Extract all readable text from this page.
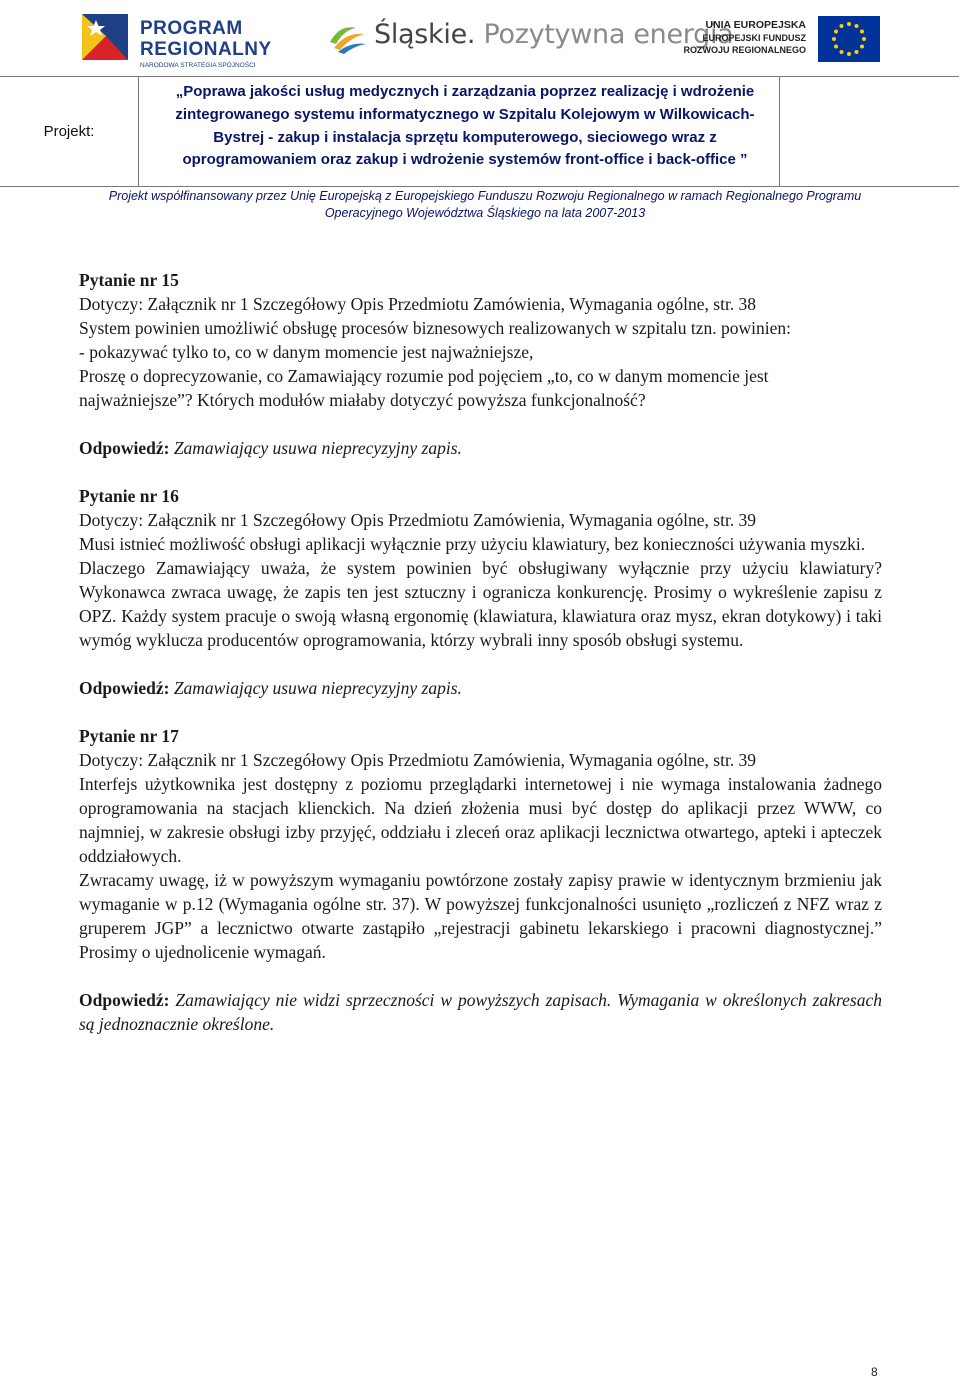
PROGRAM
REGIONALNY
NARODOWA STRATEGIA SPÓJNOŚCI
Śląskie. Pozytywna energia
UNIA EUROPEJSKA
EUROPEJSKI FUNDUSZ
ROZWOJU REGIONALNEGO
Projekt:

„Poprawa jakości usług medycznych i zarządzania poprzez realizację i wdrożenie zintegrowanego systemu informatycznego w Szpitalu Kolejowym w Wilkowicach-Bystrej - zakup i instalacja sprzętu komputerowego, sieciowego wraz z oprogramowaniem oraz zakup i wdrożenie systemów front-office i back-office ”

Projekt współfinansowany przez Unię Europejską z Europejskiego Funduszu Rozwoju Regionalnego w ramach Regionalnego Programu Operacyjnego Województwa Śląskiego na lata 2007-2013

Pytanie nr 15

Dotyczy: Załącznik nr 1 Szczegółowy Opis Przedmiotu Zamówienia, Wymagania ogólne, str. 38

System powinien umożliwić obsługę procesów biznesowych realizowanych w szpitalu tzn. powinien:

- pokazywać tylko to, co w danym momencie jest najważniejsze,

Proszę o doprecyzowanie, co Zamawiający rozumie pod pojęciem „to, co w danym momencie jest najważniejsze”? Których modułów miałaby dotyczyć powyższa funkcjonalność?

Odpowiedź: Zamawiający usuwa nieprecyzyjny zapis.

Pytanie nr 16

Dotyczy: Załącznik nr 1 Szczegółowy Opis Przedmiotu Zamówienia, Wymagania ogólne, str. 39

Musi istnieć możliwość obsługi aplikacji wyłącznie przy użyciu klawiatury, bez konieczności używania myszki.

Dlaczego Zamawiający uważa, że system powinien być obsługiwany wyłącznie przy użyciu klawiatury? Wykonawca zwraca uwagę, że zapis ten jest sztuczny i ogranicza konkurencję. Prosimy o wykreślenie zapisu z OPZ. Każdy system pracuje o swoją własną ergonomię (klawiatura, klawiatura oraz mysz, ekran dotykowy) i taki wymóg wyklucza producentów oprogramowania, którzy wybrali inny sposób obsługi systemu.

Odpowiedź: Zamawiający usuwa nieprecyzyjny zapis.

Pytanie nr 17

Dotyczy: Załącznik nr 1 Szczegółowy Opis Przedmiotu Zamówienia, Wymagania ogólne, str. 39

Interfejs użytkownika jest dostępny z poziomu przeglądarki internetowej i nie wymaga instalowania żadnego oprogramowania na stacjach klienckich. Na dzień złożenia musi być dostęp do aplikacji przez WWW, co najmniej, w zakresie obsługi izby przyjęć, oddziału i zleceń oraz aplikacji lecznictwa otwartego, apteki i apteczek oddziałowych.

Zwracamy uwagę, iż w powyższym wymaganiu powtórzone zostały zapisy prawie w identycznym brzmieniu jak wymaganie w p.12 (Wymagania ogólne str. 37). W powyższej funkcjonalności usunięto „rozliczeń z NFZ wraz z gruperem JGP” a lecznictwo otwarte zastąpiło „rejestracji gabinetu lekarskiego i pracowni diagnostycznej.” Prosimy o ujednolicenie wymagań.

Odpowiedź: Zamawiający nie widzi sprzeczności w powyższych zapisach. Wymagania w określonych zakresach są jednoznacznie określone.

8
